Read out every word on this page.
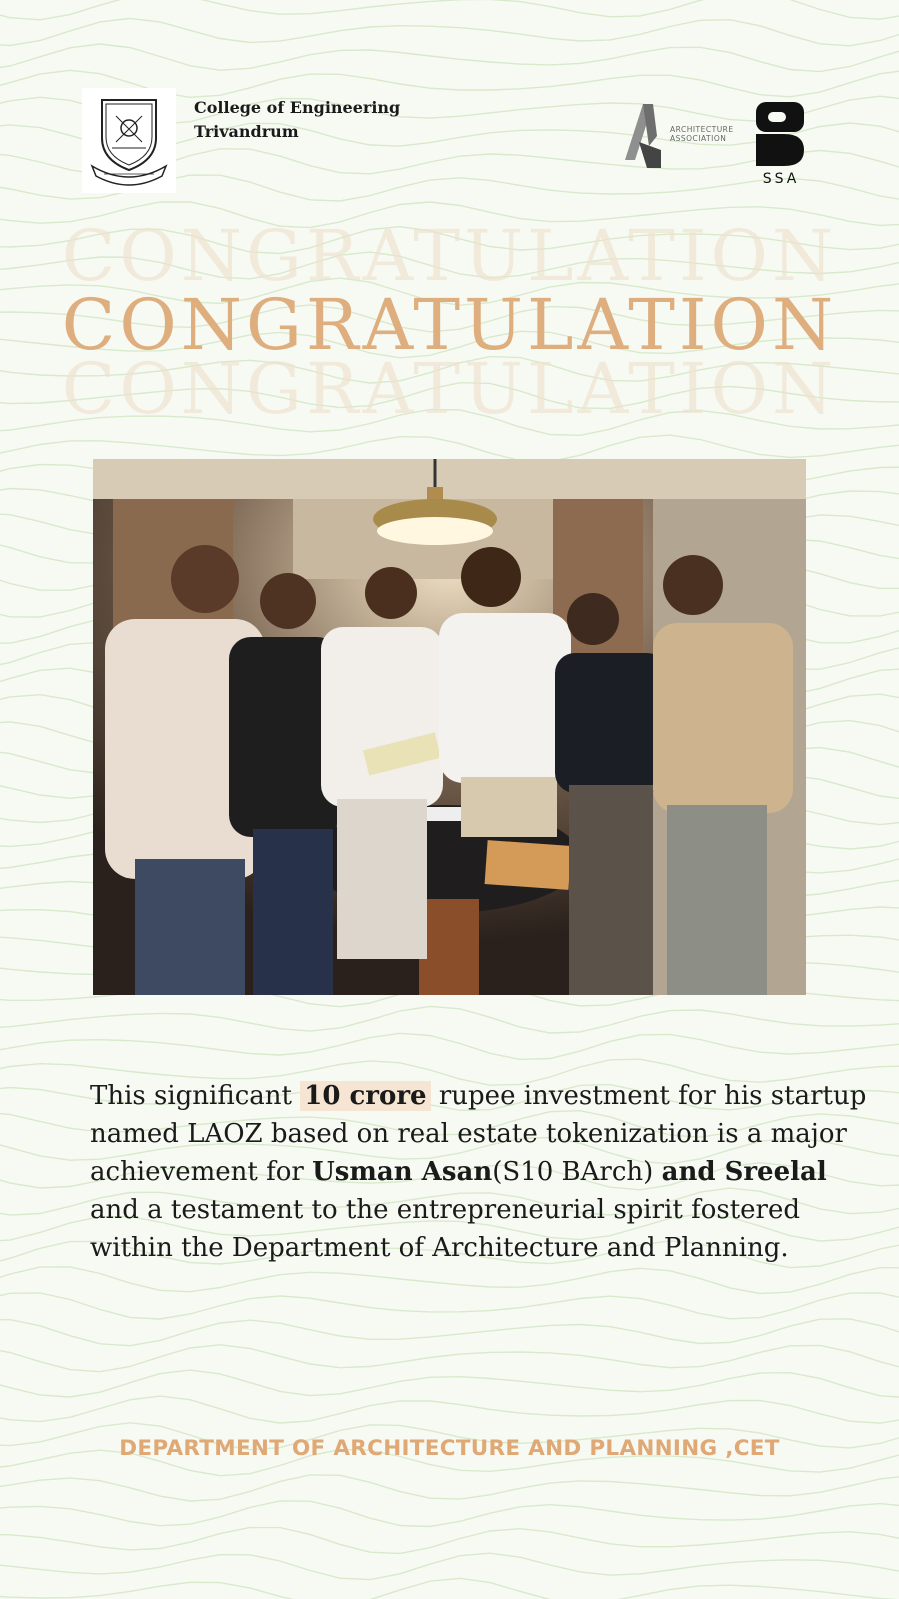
College of Engineering
Trivandrum	ARCHITECTURE
ASSOCIATION
SSA
CONGRATULATION
CONGRATULATION
CONGRATULATION
This significant 10 crore rupee investment for his startup named LAOZ based on real estate tokenization is a major achievement for Usman Asan(S10 BArch) and Sreelal and a testament to the entrepreneurial spirit fostered within the Department of Architecture and Planning.
DEPARTMENT OF ARCHITECTURE AND PLANNING ,CET
